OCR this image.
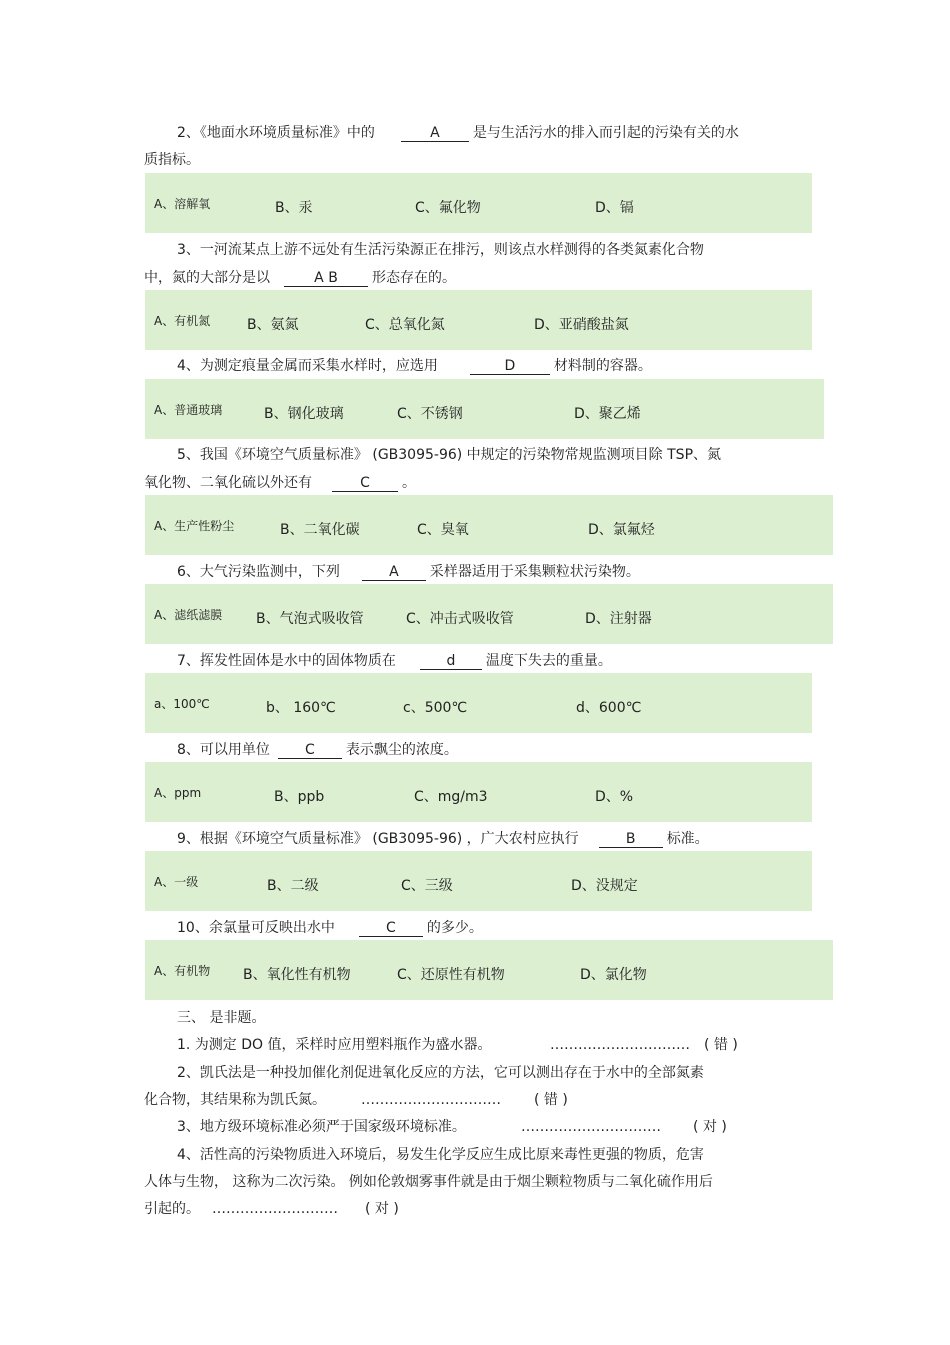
2、《地面水环境质量标准》中的	A 是与生活污水的排入而引起的污染有关的水
质指标。
A、溶解氧	B、汞	C、氟化物	D、镉
3、一河流某点上游不远处有生活污染源正在排污，则该点水样测得的各类氮素化合物
中，氮的大部分是以	A B 形态存在的。
A、有机氮	B、氨氮	C、总氧化氮	D、亚硝酸盐氮
4、为测定痕量金属而采集水样时，应选用	D	材料制的容器。
A、普通玻璃	B、钢化玻璃	C、不锈钢	D、聚乙烯
5、我国《环境空气质量标准》 (GB3095-96) 中规定的污染物常规监测项目除 TSP、氮
氧化物、二氧化硫以外还有	C 。
A、生产性粉尘	B、二氧化碳	C、臭氧	D、氯氟烃
6、大气污染监测中，下列	A 采样器适用于采集颗粒状污染物。
A、滤纸滤膜 B、气泡式吸收管	C、冲击式吸收管	D、注射器
7、挥发性固体是水中的固体物质在	d 温度下失去的重量。
a、100℃	b、 160℃	c、500℃	d、600℃
8、可以用单位	C 表示飘尘的浓度。
A、ppm	B、ppb	C、mg/m3	D、%
9、根据《环境空气质量标准》 (GB3095-96) ，广大农村应执行	B 标准。
A、一级	B、二级	C、三级	D、没规定
10、余氯量可反映出水中	C 的多少。
A、有机物 B、氧化性有机物	C、还原性有机物	D、氯化物
三、 是非题。
1. 为测定 DO 值，采样时应用塑料瓶作为盛水器。	………………………… ( 错 )
2、凯氏法是一种投加催化剂促进氧化反应的方法，它可以测出存在于水中的全部氮素
化合物，其结果称为凯氏氮。	………………………… ( 错 )
3、地方级环境标准必须严于国家级环境标准。	………………………… ( 对 )
4、活性高的污染物质进入环境后，易发生化学反应生成比原来毒性更强的物质，危害
人体与生物， 这称为二次污染。 例如伦敦烟雾事件就是由于烟尘颗粒物质与二氧化硫作用后
引起的。 ……………………… ( 对 )
